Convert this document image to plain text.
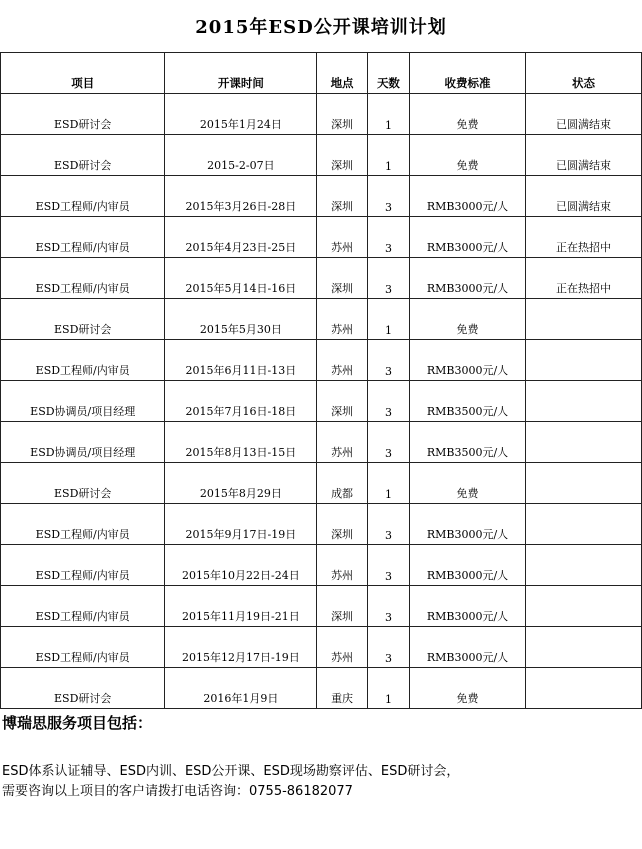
2015年ESD公开课培训计划
项目	开课时间	地点	天数	收费标准	状态
ESD研讨会	2015年1月24日	深圳	1	免费	已圆满结束
ESD研讨会	2015-2-07日	深圳	1	免费	已圆满结束
ESD工程师/内审员	2015年3月26日-28日	深圳	3	RMB3000元/人	已圆满结束
ESD工程师/内审员	2015年4月23日-25日	苏州	3	RMB3000元/人	正在热招中
ESD工程师/内审员	2015年5月14日-16日	深圳	3	RMB3000元/人	正在热招中
ESD研讨会	2015年5月30日	苏州	1	免费	
ESD工程师/内审员	2015年6月11日-13日	苏州	3	RMB3000元/人	
ESD协调员/项目经理	2015年7月16日-18日	深圳	3	RMB3500元/人	
ESD协调员/项目经理	2015年8月13日-15日	苏州	3	RMB3500元/人	
ESD研讨会	2015年8月29日	成都	1	免费	
ESD工程师/内审员	2015年9月17日-19日	深圳	3	RMB3000元/人	
ESD工程师/内审员	2015年10月22日-24日	苏州	3	RMB3000元/人	
ESD工程师/内审员	2015年11月19日-21日	深圳	3	RMB3000元/人	
ESD工程师/内审员	2015年12月17日-19日	苏州	3	RMB3000元/人	
ESD研讨会	2016年1月9日	重庆	1	免费	
博瑞思服务项目包括：
ESD体系认证辅导、ESD内训、ESD公开课、ESD现场勘察评估、ESD研讨会，
需要咨询以上项目的客户请拨打电话咨询：0755-86182077
